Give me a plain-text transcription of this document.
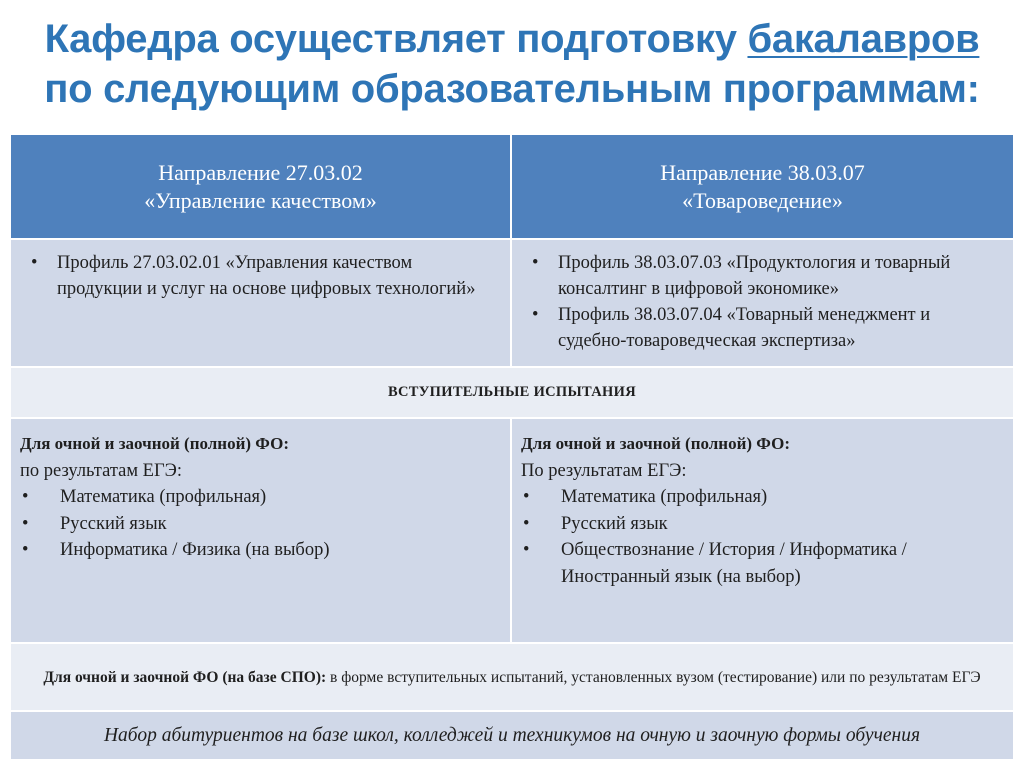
Кафедра осуществляет подготовку бакалавров
по следующим образовательным программам:
Направление 27.03.02
«Управление качеством»
Направление 38.03.07
«Товароведение»
• Профиль 27.03.02.01 «Управления качеством продукции и услуг на основе цифровых технологий»
• Профиль 38.03.07.03 «Продуктология и товарный консалтинг в цифровой экономике»
• Профиль 38.03.07.04 «Товарный менеджмент и судебно-товароведческая экспертиза»
ВСТУПИТЕЛЬНЫЕ ИСПЫТАНИЯ
Для очной и заочной (полной) ФО:
по результатам ЕГЭ:
• Математика (профильная)
• Русский язык
• Информатика / Физика (на выбор)
Для очной и заочной (полной) ФО:
По результатам ЕГЭ:
• Математика (профильная)
• Русский язык
• Обществознание / История / Информатика / Иностранный язык (на выбор)
Для очной и заочной ФО (на базе СПО): в форме вступительных испытаний, установленных вузом (тестирование) или по результатам ЕГЭ
Набор абитуриентов на базе школ, колледжей и техникумов на очную и заочную формы обучения
